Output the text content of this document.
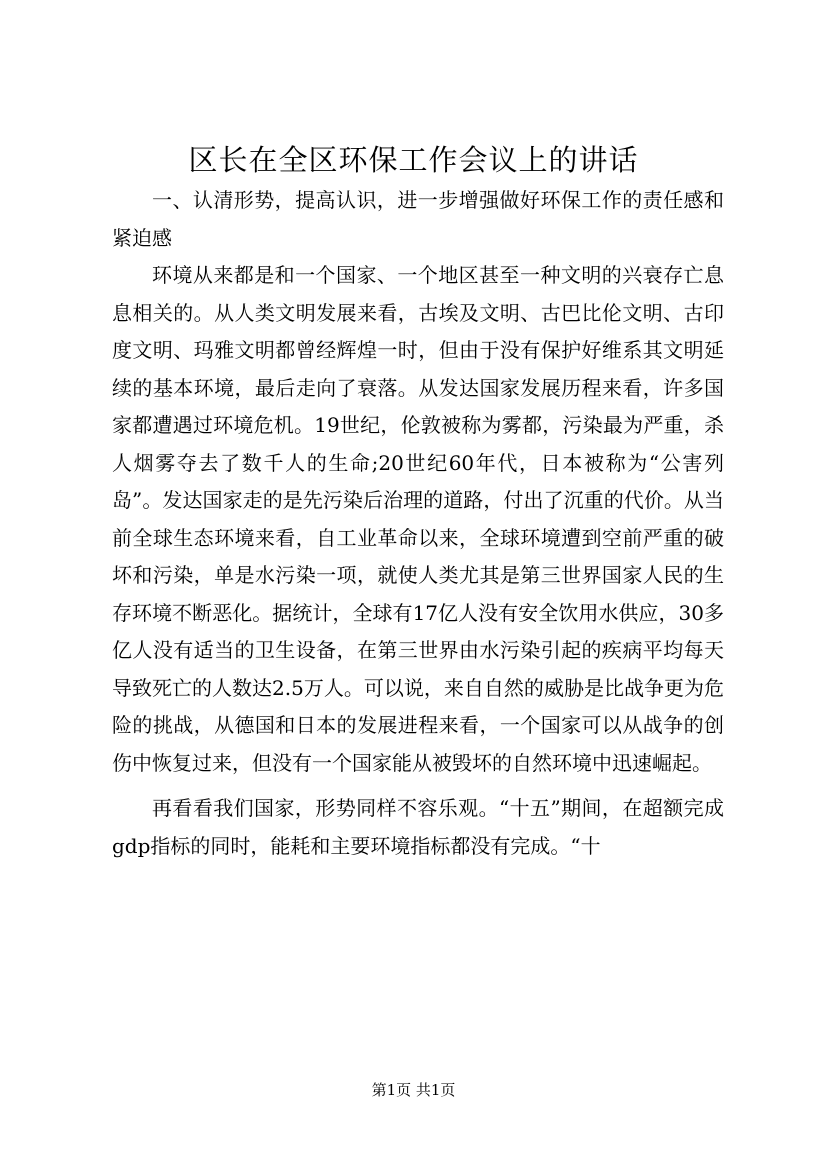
区长在全区环保工作会议上的讲话

一、认清形势，提高认识，进一步增强做好环保工作的责任感和紧迫感

环境从来都是和一个国家、一个地区甚至一种文明的兴衰存亡息息相关的。从人类文明发展来看，古埃及文明、古巴比伦文明、古印度文明、玛雅文明都曾经辉煌一时，但由于没有保护好维系其文明延续的基本环境，最后走向了衰落。从发达国家发展历程来看，许多国家都遭遇过环境危机。19世纪，伦敦被称为雾都，污染最为严重，杀人烟雾夺去了数千人的生命;20世纪60年代，日本被称为“公害列岛”。发达国家走的是先污染后治理的道路，付出了沉重的代价。从当前全球生态环境来看，自工业革命以来，全球环境遭到空前严重的破坏和污染，单是水污染一项，就使人类尤其是第三世界国家人民的生存环境不断恶化。据统计，全球有17亿人没有安全饮用水供应，30多亿人没有适当的卫生设备，在第三世界由水污染引起的疾病平均每天导致死亡的人数达2.5万人。可以说，来自自然的威胁是比战争更为危险的挑战，从德国和日本的发展进程来看，一个国家可以从战争的创伤中恢复过来，但没有一个国家能从被毁坏的自然环境中迅速崛起。

再看看我们国家，形势同样不容乐观。“十五”期间，在超额完成gdp指标的同时，能耗和主要环境指标都没有完成。“十

第1页 共1页
